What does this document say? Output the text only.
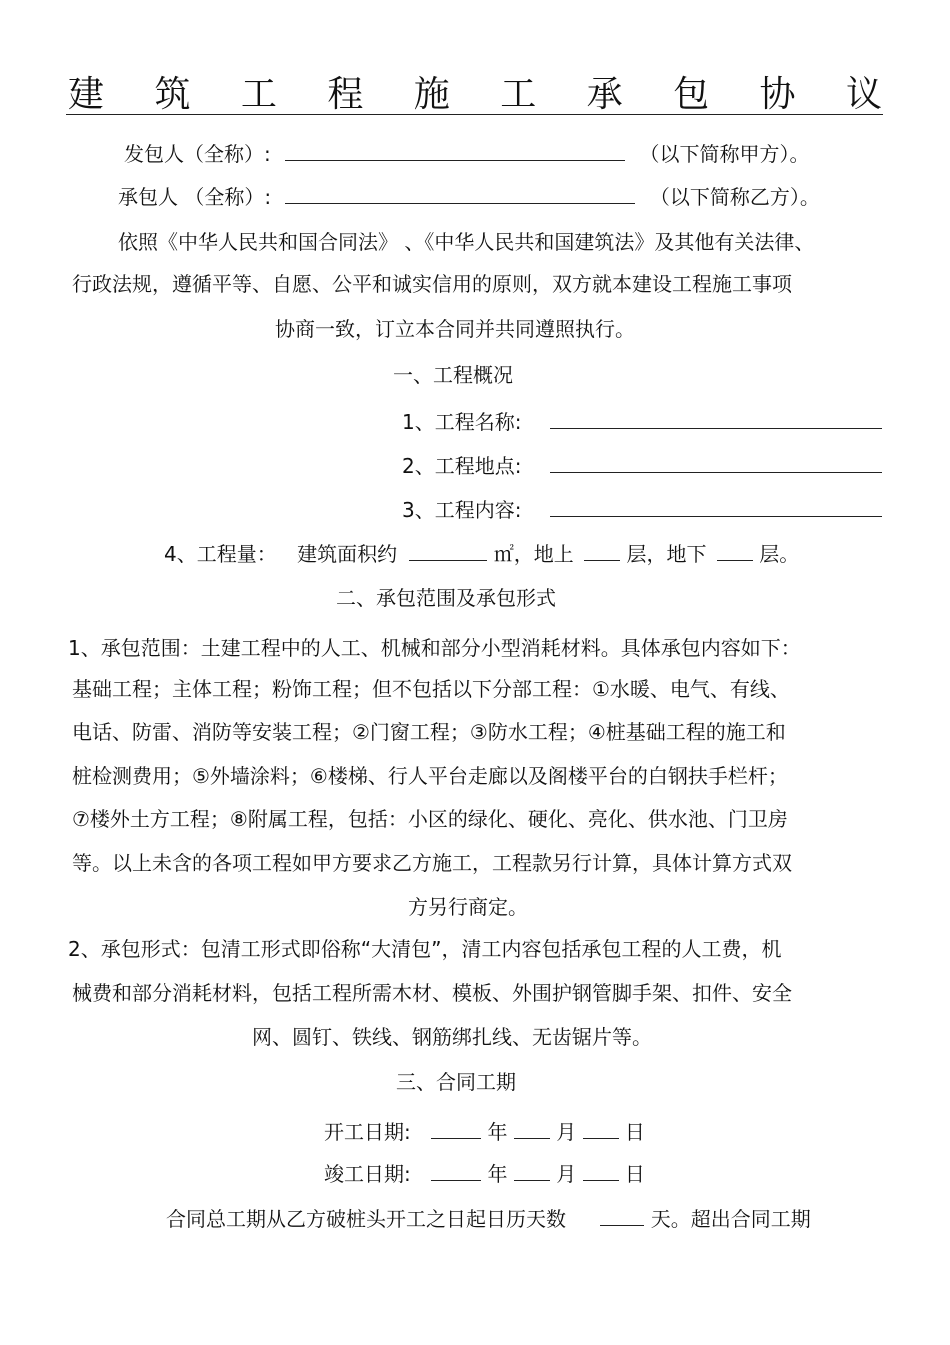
建 筑 工 程 施 工 承 包 协 议
发包人（全称）:	（以下简称甲方）。
承包人 （全称）:	（以下简称乙方）。
依照《中华人民共和国合同法》 、《中华人民共和国建筑法》及其他有关法律、
行政法规，遵循平等、自愿、公平和诚实信用的原则，双方就本建设工程施工事项
协商一致，订立本合同并共同遵照执行。
一、工程概况
1、工程名称:
2、工程地点:
3、工程内容:
4、工程量： 建筑面积约	㎡，地上	层，地下	层。
二、承包范围及承包形式
1、承包范围：土建工程中的人工、机械和部分小型消耗材料。具体承包内容如下：
基础工程；主体工程；粉饰工程；但不包括以下分部工程：①水暖、电气、有线、
电话、防雷、消防等安装工程；②门窗工程；③防水工程；④桩基础工程的施工和
桩检测费用；⑤外墙涂料；⑥楼梯、行人平台走廊以及阁楼平台的白钢扶手栏杆；
⑦楼外土方工程；⑧附属工程，包括：小区的绿化、硬化、亮化、供水池、门卫房
等。以上未含的各项工程如甲方要求乙方施工，工程款另行计算，具体计算方式双
方另行商定。
2、承包形式：包清工形式即俗称“大清包”，清工内容包括承包工程的人工费，机
械费和部分消耗材料，包括工程所需木材、模板、外围护钢管脚手架、扣件、安全
网、圆钉、铁线、钢筋绑扎线、无齿锯片等。
三、合同工期
开工日期:	年 月 日
竣工日期:	年 月 日
合同总工期从乙方破桩头开工之日起日历天数	天。超出合同工期
